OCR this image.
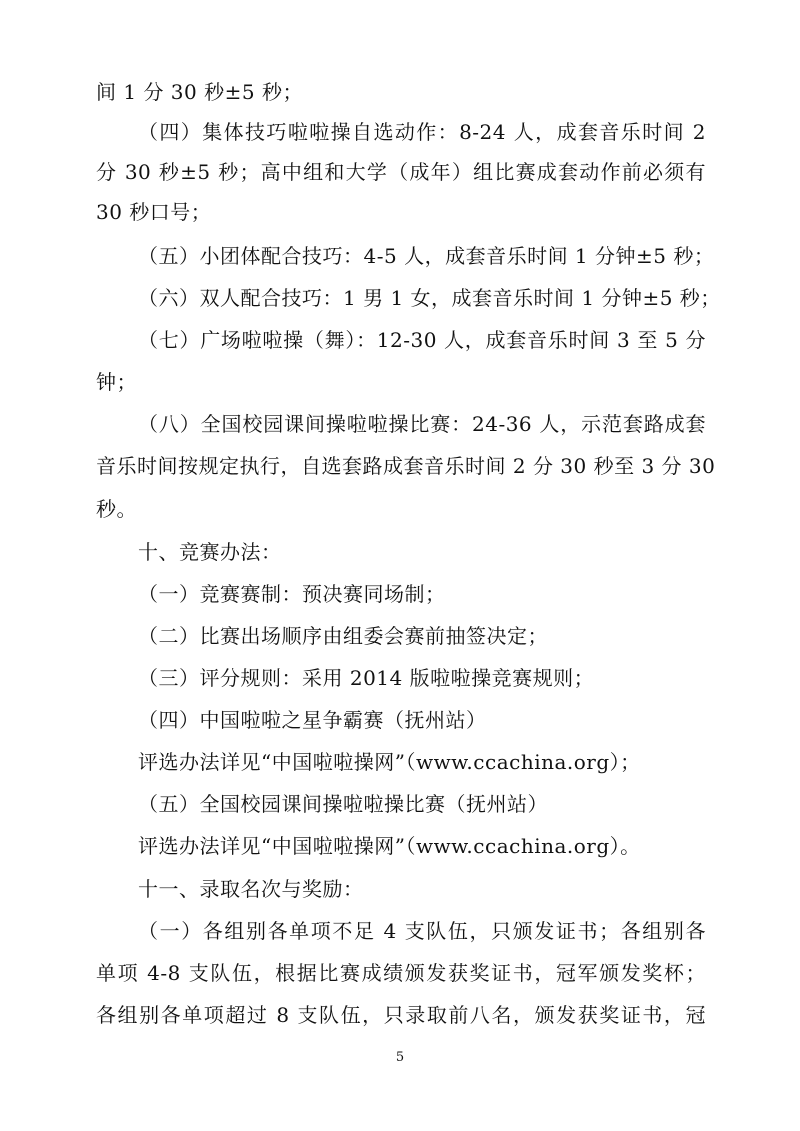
间 1 分 30 秒±5 秒；
（四）集体技巧啦啦操自选动作：8-24 人，成套音乐时间 2
分 30 秒±5 秒；高中组和大学（成年）组比赛成套动作前必须有
30 秒口号；
（五）小团体配合技巧：4-5 人，成套音乐时间 1 分钟±5 秒；
（六）双人配合技巧：1 男 1 女，成套音乐时间 1 分钟±5 秒；
（七）广场啦啦操（舞）：12-30 人，成套音乐时间 3 至 5 分
钟；
（八）全国校园课间操啦啦操比赛：24-36 人，示范套路成套
音乐时间按规定执行，自选套路成套音乐时间 2 分 30 秒至 3 分 30
秒。
十、竞赛办法：
（一）竞赛赛制：预决赛同场制；
（二）比赛出场顺序由组委会赛前抽签决定；
（三）评分规则：采用 2014 版啦啦操竞赛规则；
（四）中国啦啦之星争霸赛（抚州站）
评选办法详见“中国啦啦操网”（www.ccachina.org）；
（五）全国校园课间操啦啦操比赛（抚州站）
评选办法详见“中国啦啦操网”（www.ccachina.org）。
十一、录取名次与奖励：
（一）各组别各单项不足 4 支队伍，只颁发证书；各组别各
单项 4-8 支队伍，根据比赛成绩颁发获奖证书，冠军颁发奖杯；
各组别各单项超过 8 支队伍，只录取前八名，颁发获奖证书，冠
5
